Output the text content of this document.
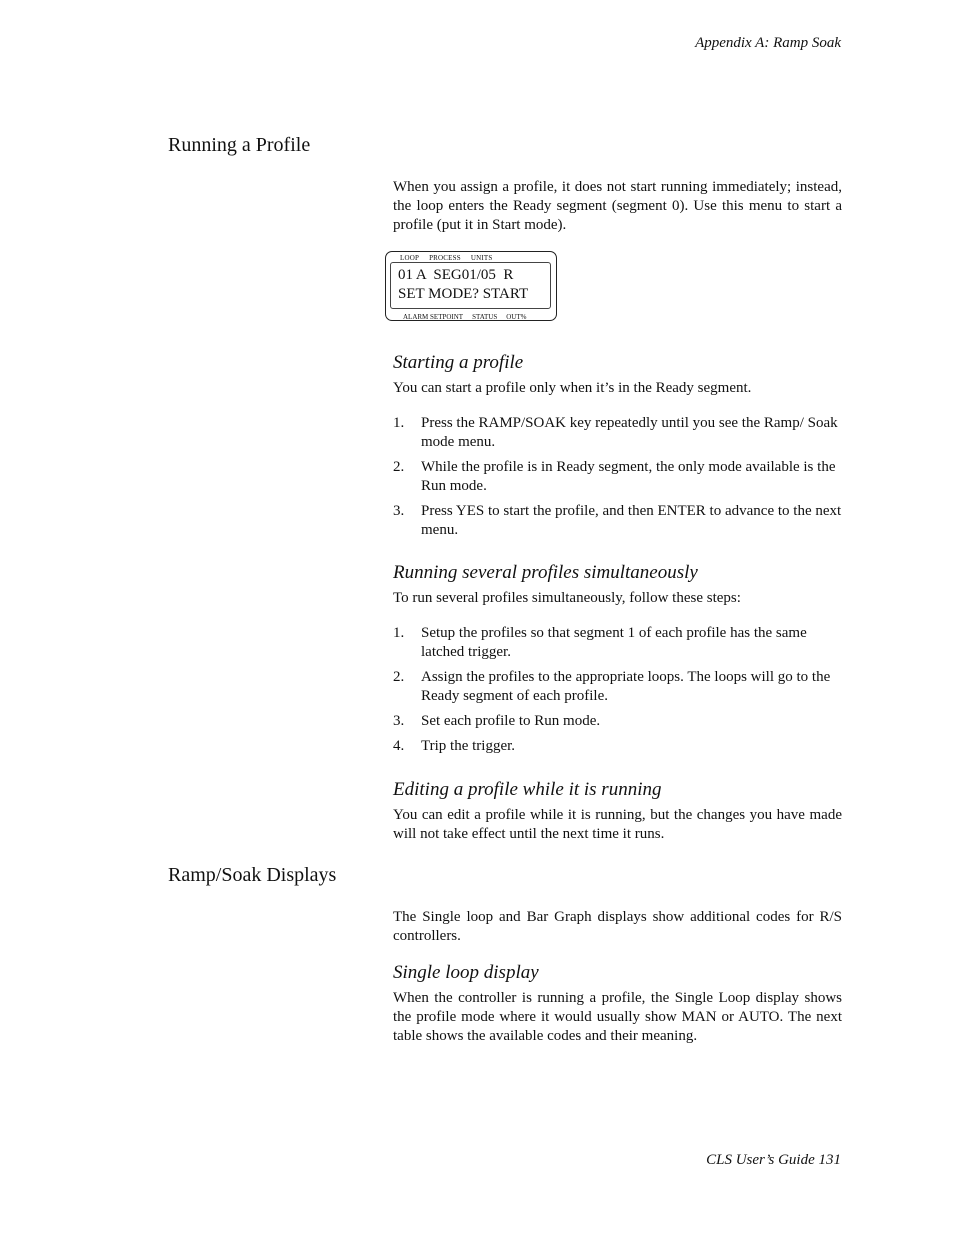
Appendix A: Ramp Soak
Running a Profile

When you assign a profile, it does not start running immediately; instead, the loop enters the Ready segment (segment 0). Use this menu to start a profile (put it in Start mode).

LOOP PROCESS UNITS
01 A  SEG01/05  R
SET MODE? START
ALARM SETPOINT STATUS OUT%
Starting a profile

You can start a profile only when it’s in the Ready segment.

1. Press the RAMP/SOAK key repeatedly until you see the Ramp/ Soak mode menu.
2. While the profile is in Ready segment, the only mode available is the Run mode.
3. Press YES to start the profile, and then ENTER to advance to the next menu.
Running several profiles simultaneously

To run several profiles simultaneously, follow these steps:

1. Setup the profiles so that segment 1 of each profile has the same latched trigger.
2. Assign the profiles to the appropriate loops. The loops will go to the Ready segment of each profile.
3. Set each profile to Run mode.
4. Trip the trigger.
Editing a profile while it is running

You can edit a profile while it is running, but the changes you have made will not take effect until the next time it runs.

Ramp/Soak Displays

The Single loop and Bar Graph displays show additional codes for R/S controllers.

Single loop display

When the controller is running a profile, the Single Loop display shows the profile mode where it would usually show MAN or AUTO. The next table shows the available codes and their meaning.

CLS User’s Guide 131
